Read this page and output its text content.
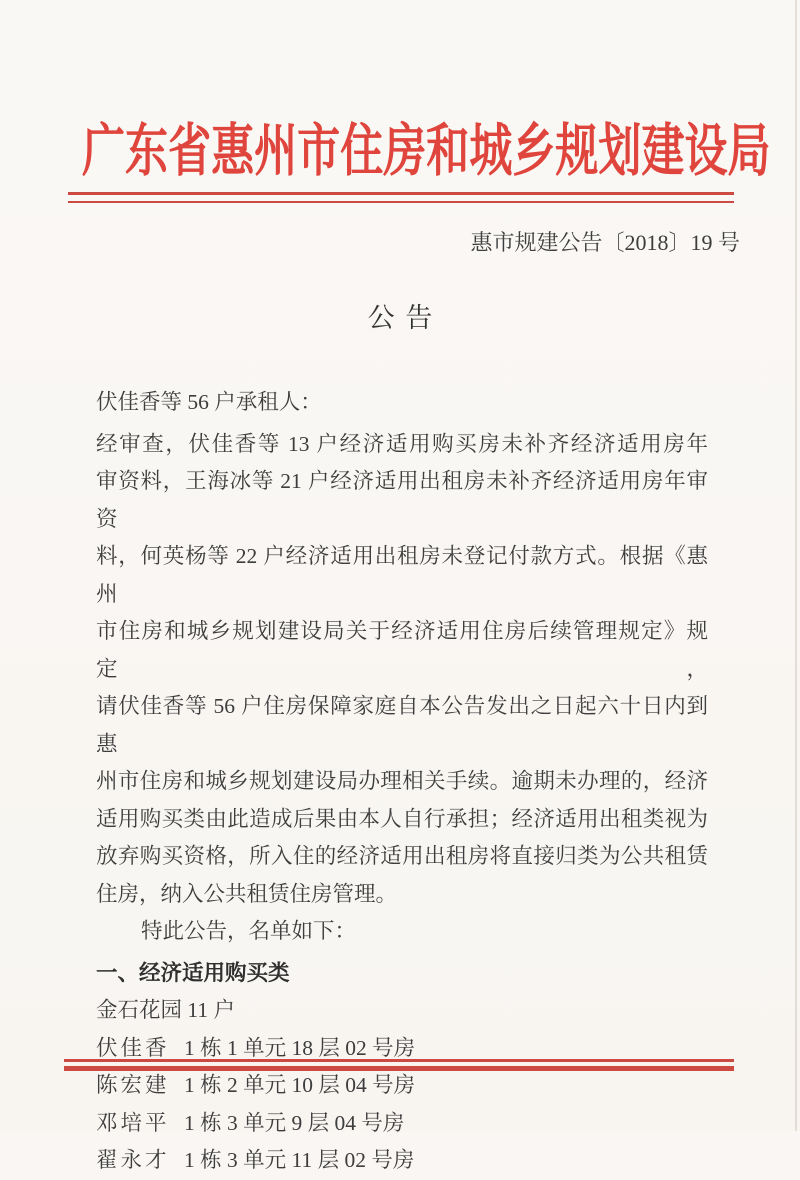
广东省惠州市住房和城乡规划建设局
惠市规建公告〔2018〕19 号
公 告

伏佳香等 56 户承租人：

经审查，伏佳香等 13 户经济适用购买房未补齐经济适用房年
审资料，王海冰等 21 户经济适用出租房未补齐经济适用房年审资
料，何英杨等 22 户经济适用出租房未登记付款方式。根据《惠州
市住房和城乡规划建设局关于经济适用住房后续管理规定》规定，
请伏佳香等 56 户住房保障家庭自本公告发出之日起六十日内到惠
州市住房和城乡规划建设局办理相关手续。逾期未办理的，经济
适用购买类由此造成后果由本人自行承担；经济适用出租类视为
放弃购买资格，所入住的经济适用出租房将直接归类为公共租赁
住房，纳入公共租赁住房管理。

特此公告，名单如下：

一、经济适用购买类

金石花园 11 户

伏佳香 1 栋 1 单元 18 层 02 号房
陈宏建 1 栋 2 单元 10 层 04 号房
邓培平 1 栋 3 单元 9 层 04 号房
翟永才 1 栋 3 单元 11 层 02 号房
